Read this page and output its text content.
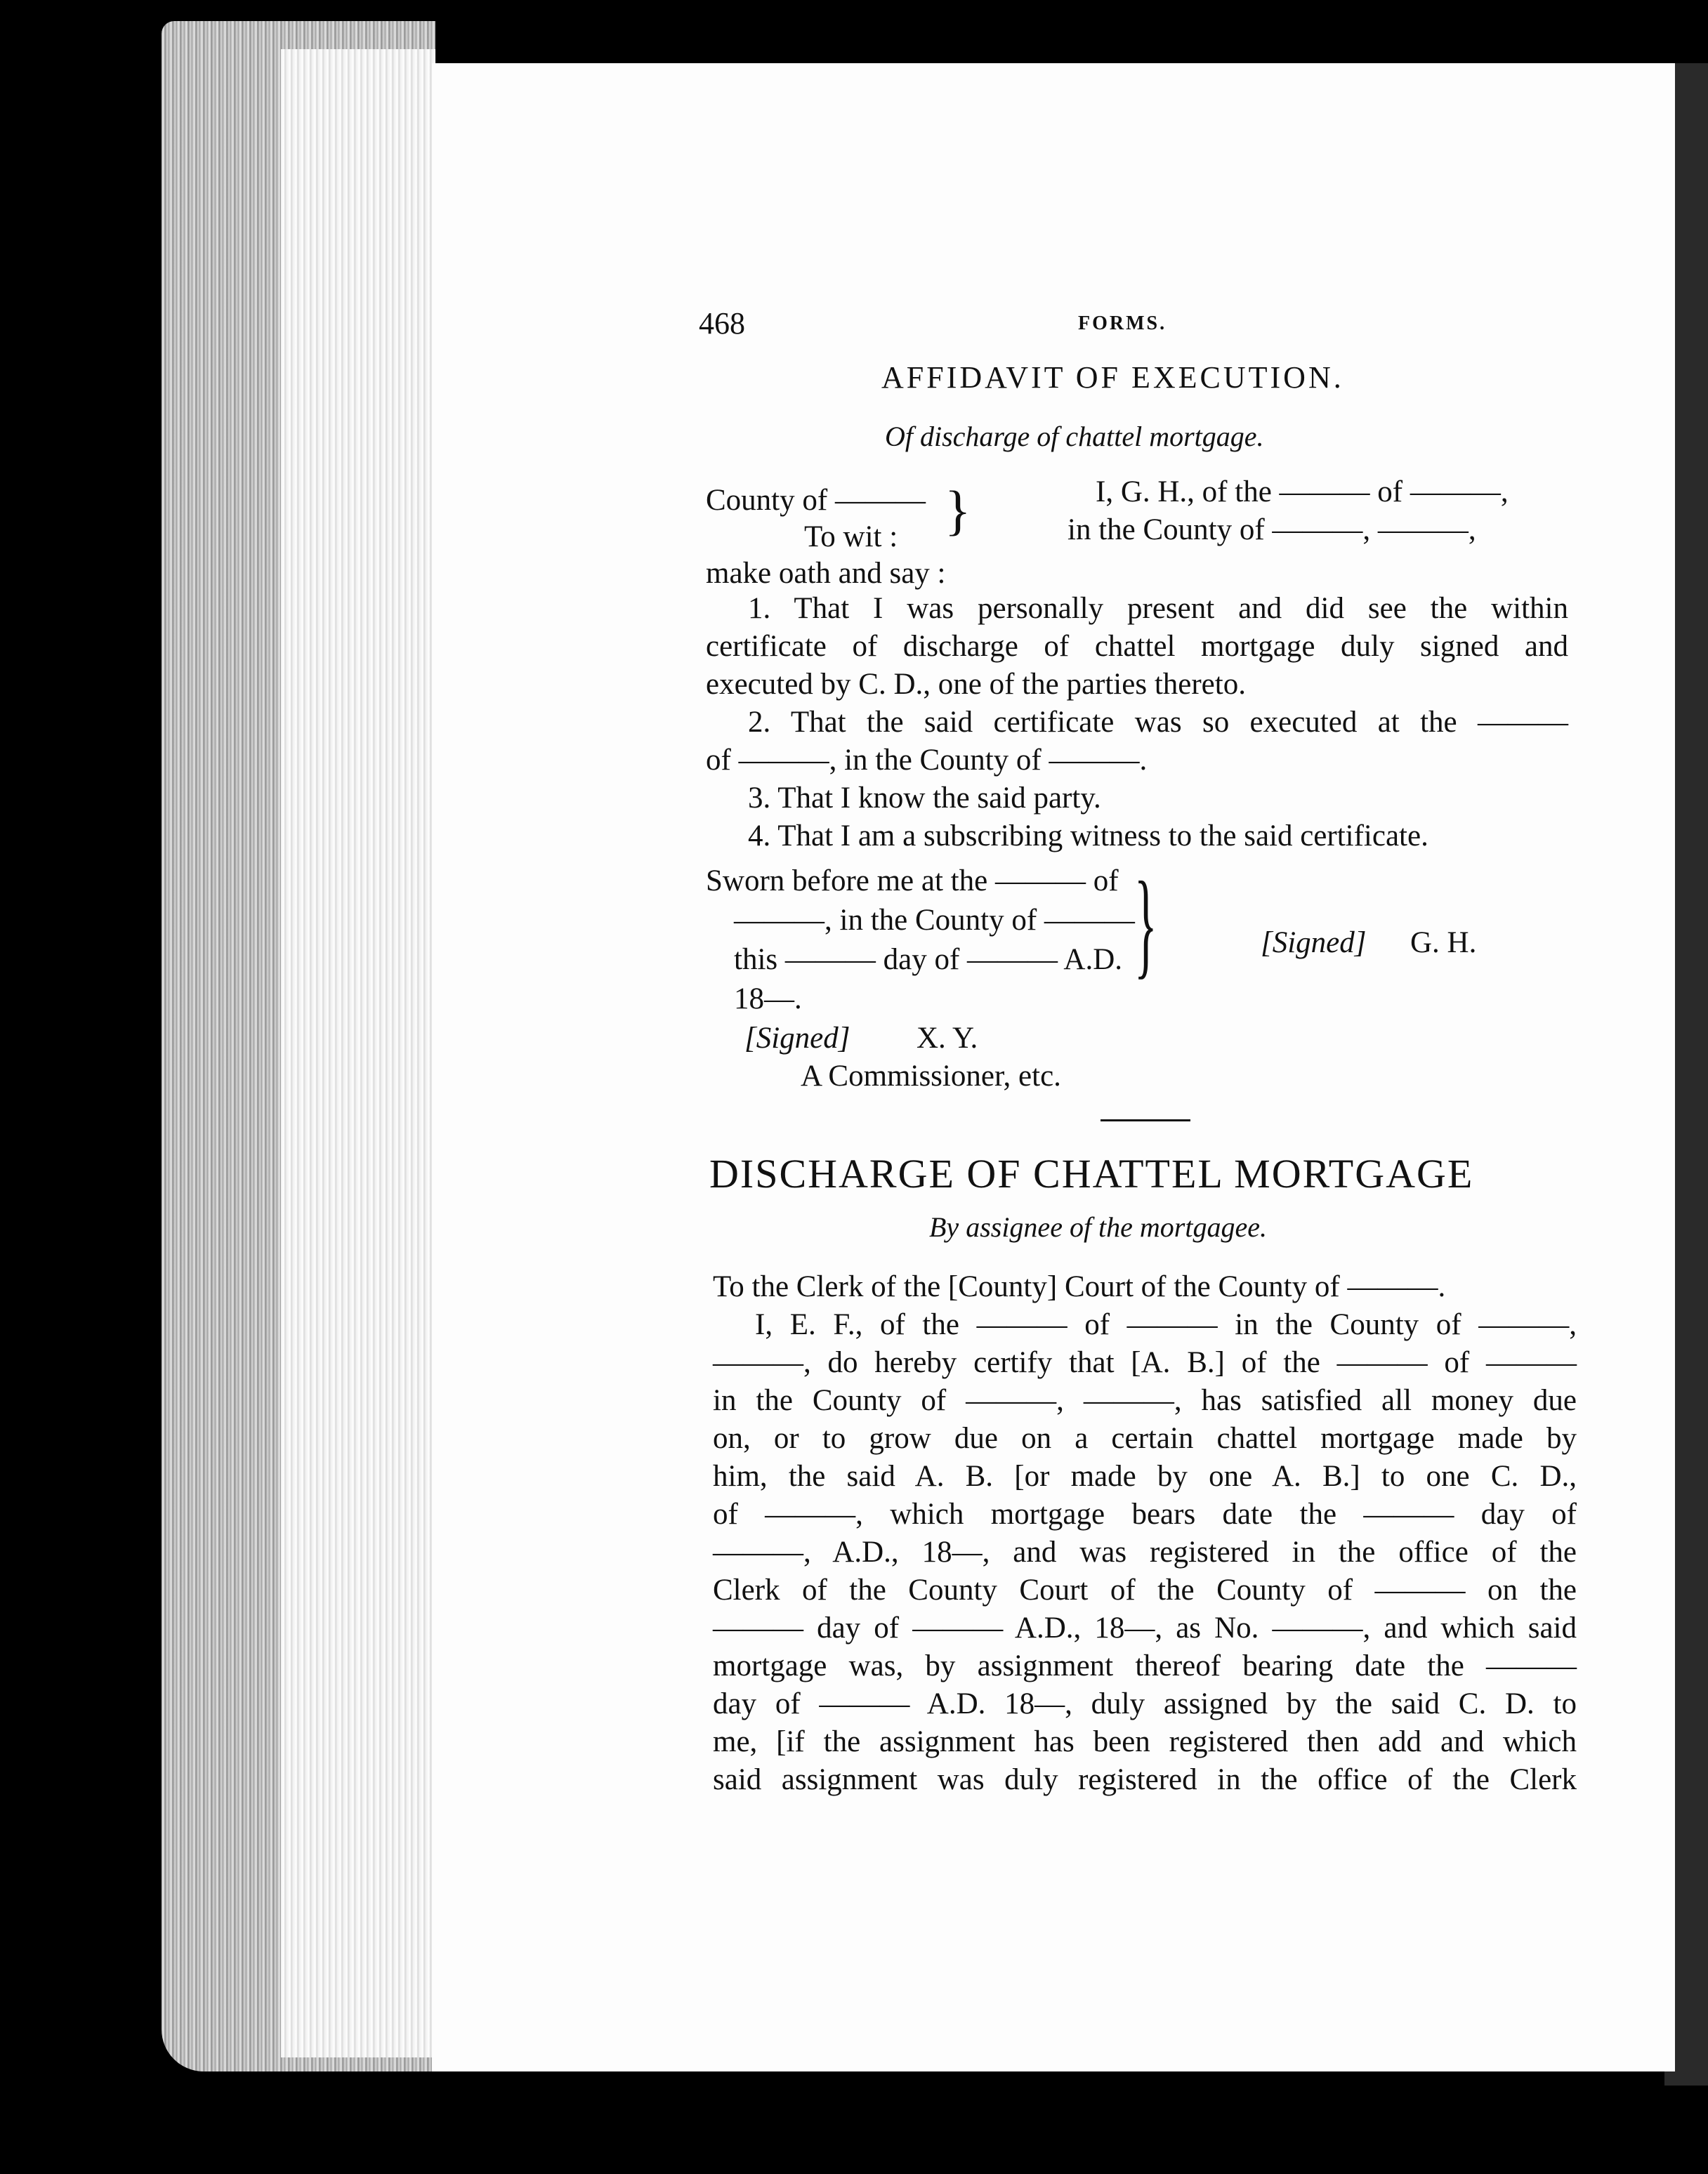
468	FORMS.
AFFIDAVIT OF EXECUTION.
Of discharge of chattel mortgage.
County of ———
To wit : }	I, G. H., of the ——— of ———,
in the County of ———, ———,
make oath and say :
1. That I was personally present and did see the within
certificate of discharge of chattel mortgage duly signed and
executed by C. D., one of the parties thereto.
2. That the said certificate was so executed at the ———
of ———, in the County of ———.
3. That I know the said party.
4. That I am a subscribing witness to the said certificate.
Sworn before me at the ——— of
———, in the County of ———
this ——— day of ——— A.D.
18—.
}	[Signed] G. H.
[Signed] X. Y.
A Commissioner, etc.
DISCHARGE OF CHATTEL MORTGAGE
By assignee of the mortgagee.
To the Clerk of the [County] Court of the County of ———.
I, E. F., of the ——— of ——— in the County of ———,
———, do hereby certify that [A. B.] of the ——— of ———
in the County of ———, ———, has satisfied all money due
on, or to grow due on a certain chattel mortgage made by
him, the said A. B. [or made by one A. B.] to one C. D.,
of ———, which mortgage bears date the ——— day of
———, A.D., 18—, and was registered in the office of the
Clerk of the County Court of the County of ——— on the
——— day of ——— A.D., 18—, as No. ———, and which said
mortgage was, by assignment thereof bearing date the ———
day of ——— A.D. 18—, duly assigned by the said C. D. to
me, [if the assignment has been registered then add and which
said assignment was duly registered in the office of the Clerk
